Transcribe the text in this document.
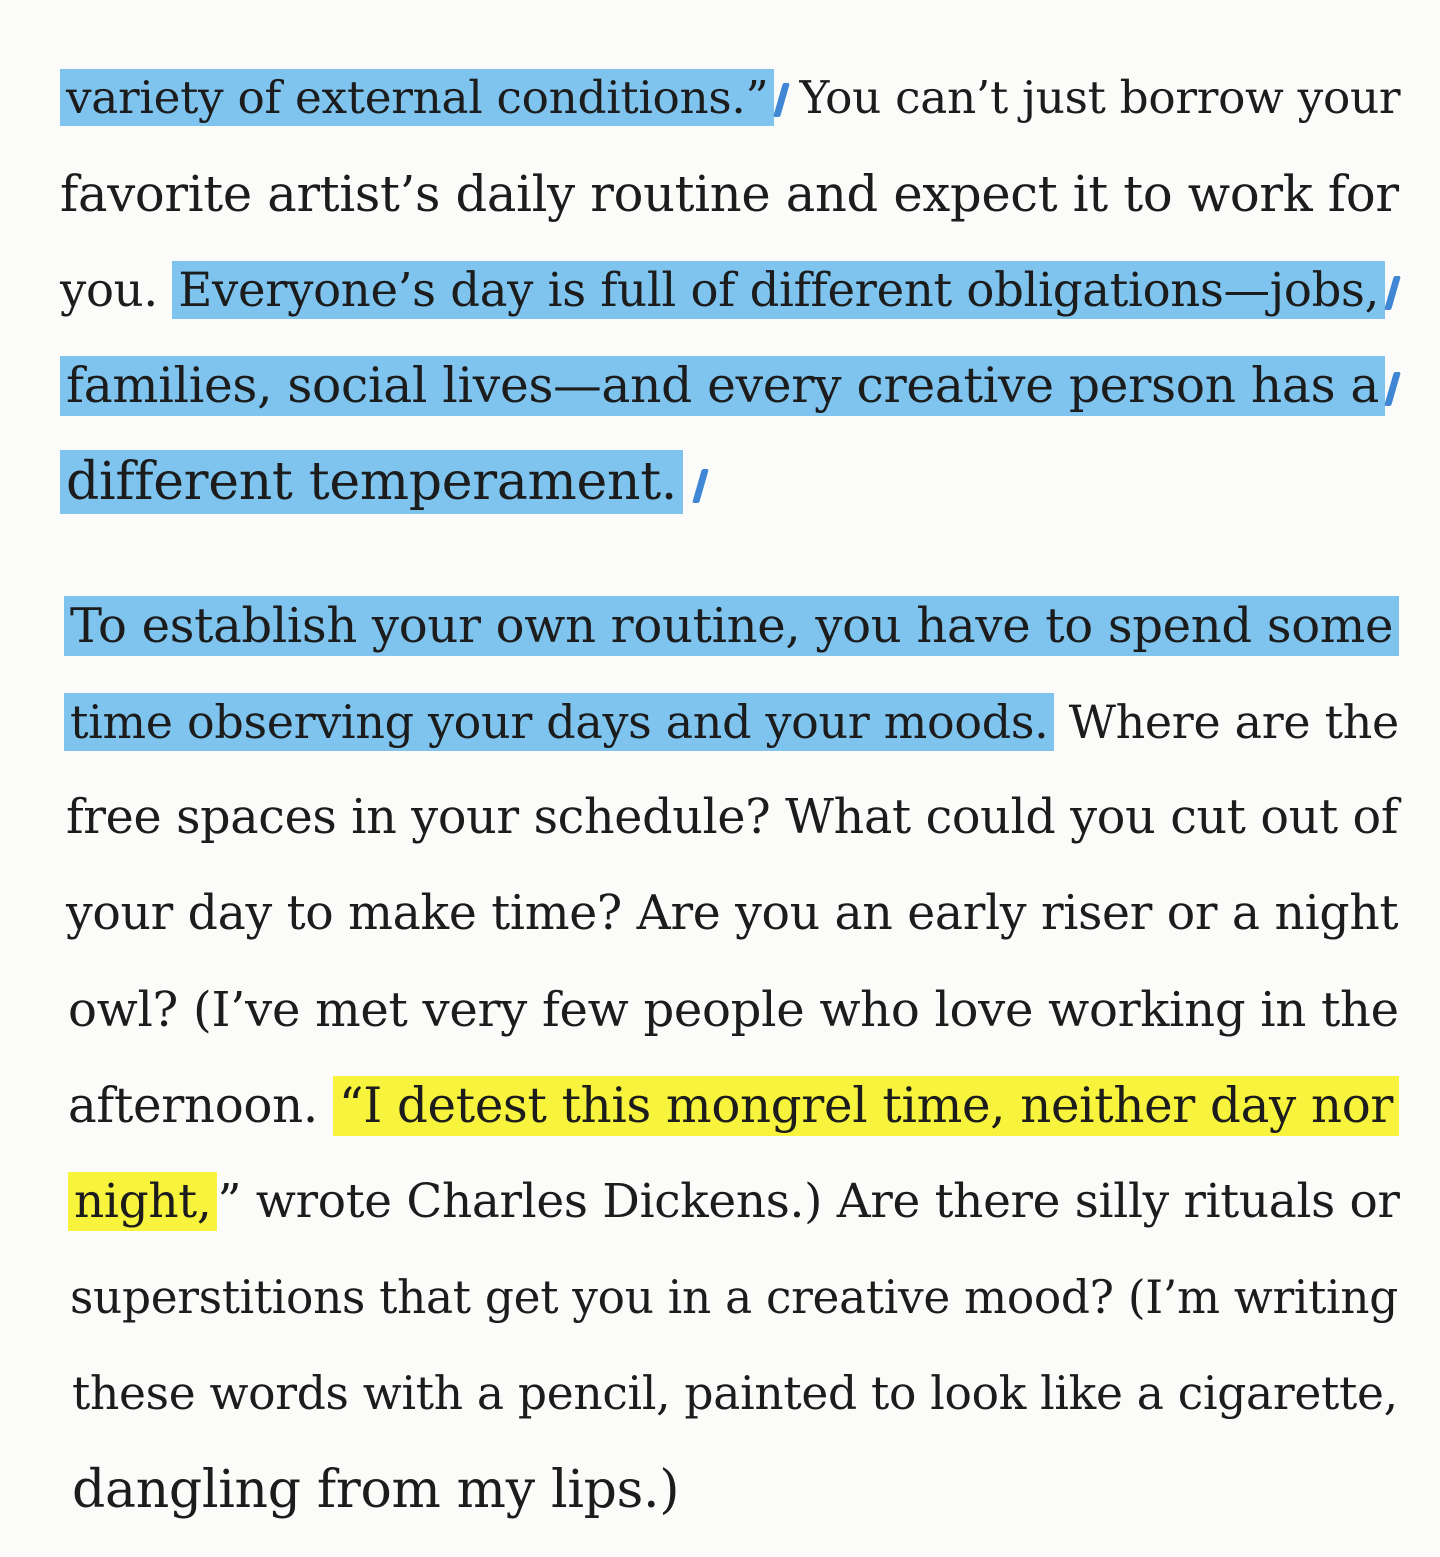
variety of external conditions.” You can’t just borrow your
favorite artist’s daily routine and expect it to work for
you. Everyone’s day is full of different obligations—jobs,
families, social lives—and every creative person has a
different temperament.
To establish your own routine, you have to spend some
time observing your days and your moods. Where are the
free spaces in your schedule? What could you cut out of
your day to make time? Are you an early riser or a night
owl? (I’ve met very few people who love working in the
afternoon. “I detest this mongrel time, neither day nor
night, ” wrote Charles Dickens.) Are there silly rituals or
superstitions that get you in a creative mood? (I’m writing
these words with a pencil, painted to look like a cigarette,
dangling from my lips.)
